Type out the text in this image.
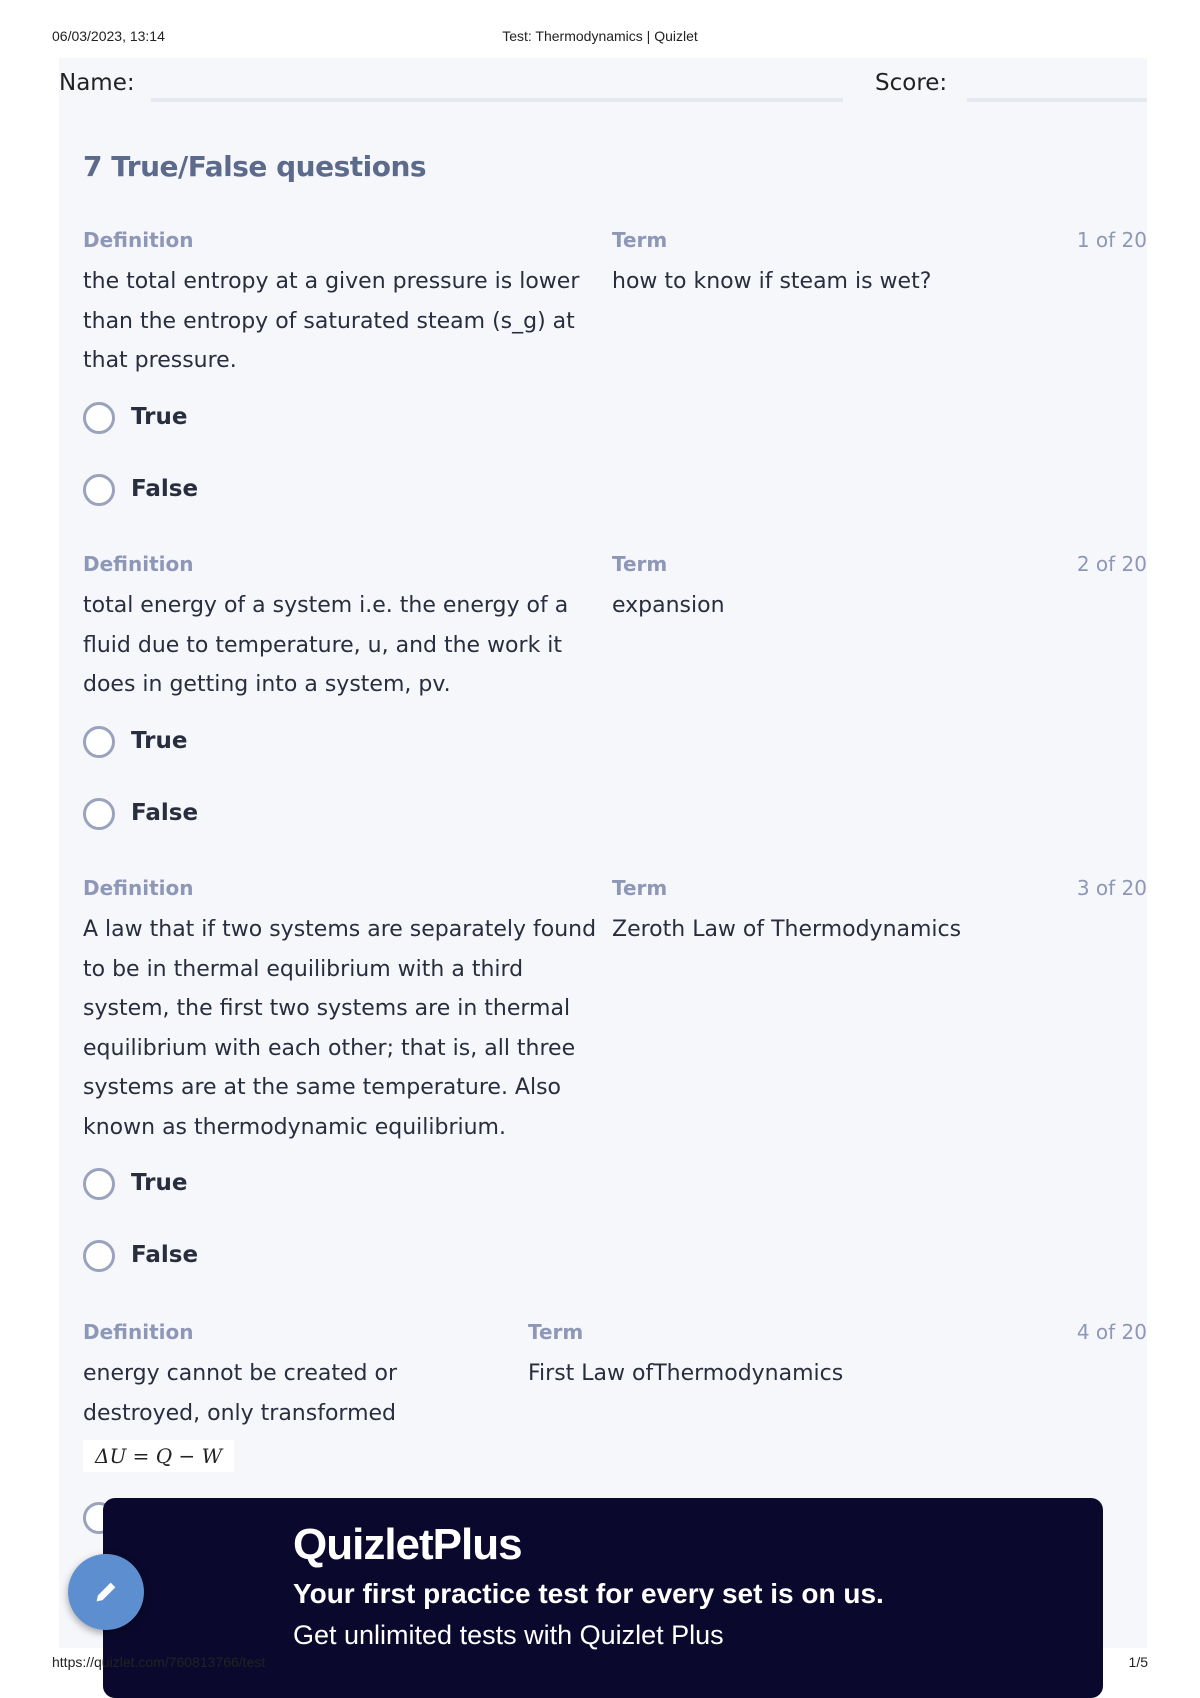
06/03/2023, 13:14	Test: Thermodynamics | Quizlet
Name:	Score:
7 True/False questions
Definition	Term	1 of 20
the total entropy at a given pressure is lower than the entropy of saturated steam (s_g) at that pressure.
how to know if steam is wet?
True
False
Definition	Term	2 of 20
total energy of a system i.e. the energy of a fluid due to temperature, u, and the work it does in getting into a system, pv.
expansion
True
False
Definition	Term	3 of 20
A law that if two systems are separately found to be in thermal equilibrium with a third system, the first two systems are in thermal equilibrium with each other; that is, all three systems are at the same temperature. Also known as thermodynamic equilibrium.
Zeroth Law of Thermodynamics
True
False
Definition	Term	4 of 20
energy cannot be created or destroyed, only transformed
ΔU = Q − W
First Law ofThermodynamics
QuizletPlus
Your first practice test for every set is on us.
Get unlimited tests with Quizlet Plus
https://quizlet.com/760813766/test	1/5
